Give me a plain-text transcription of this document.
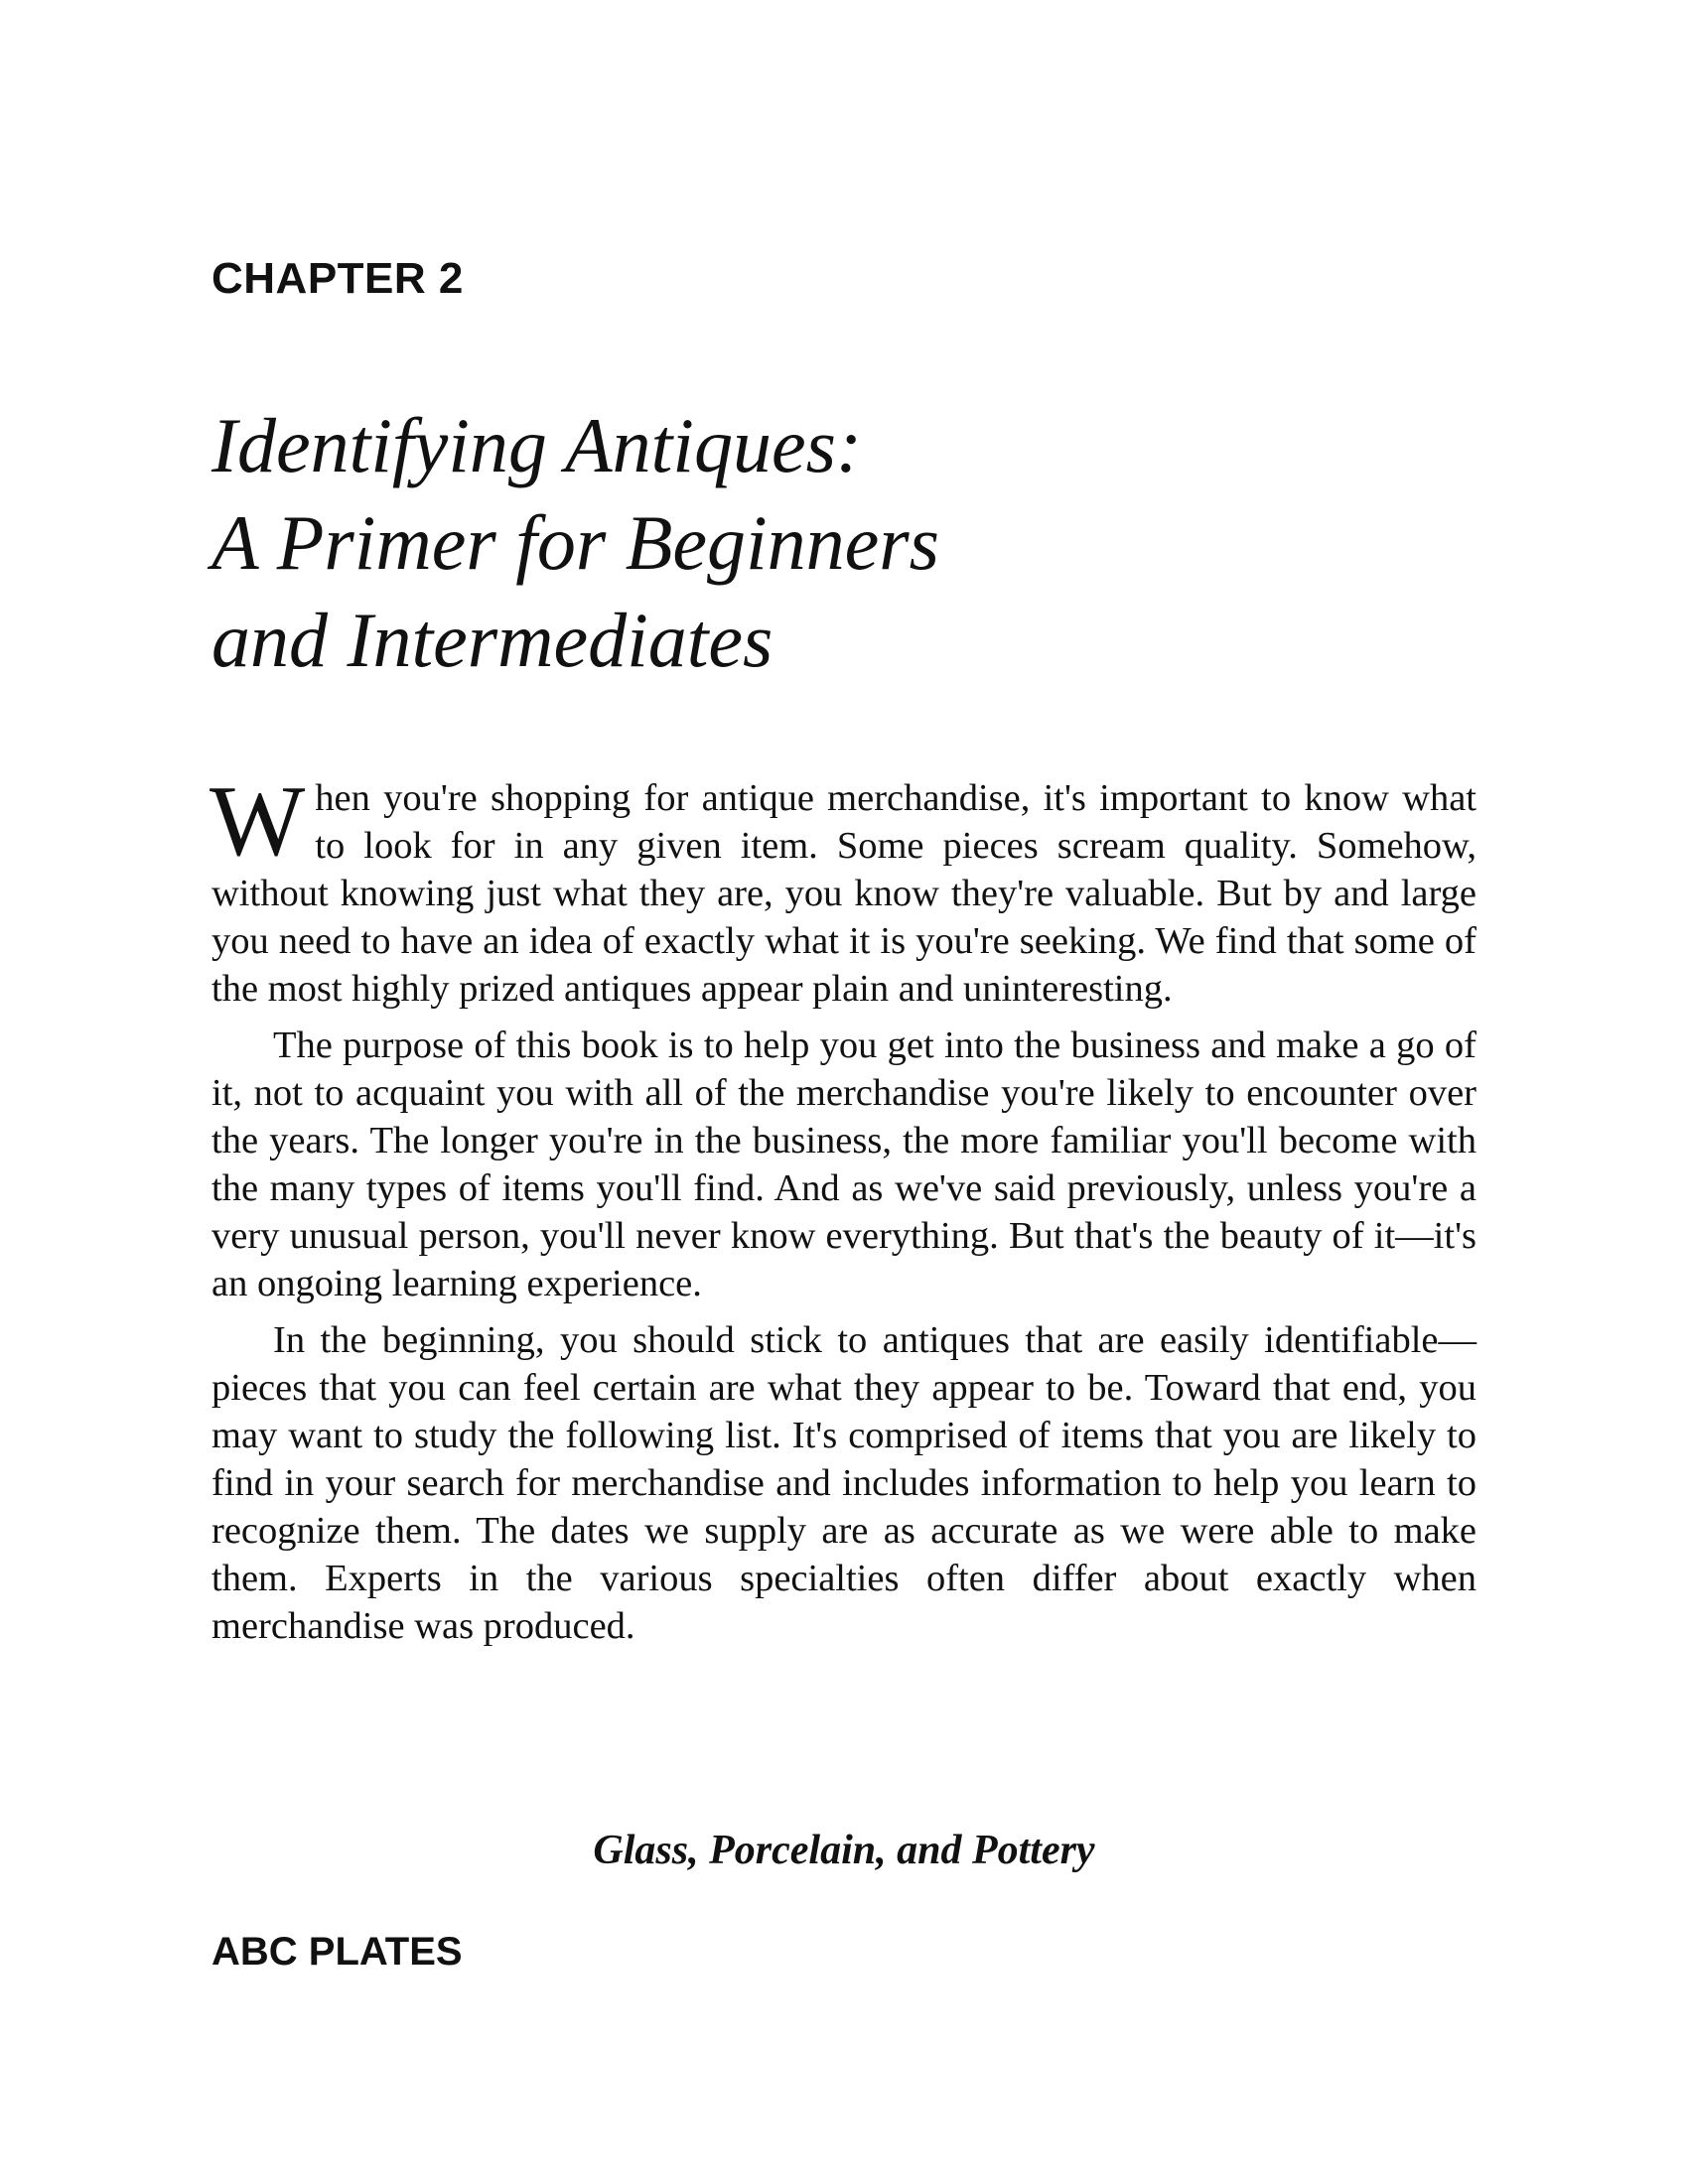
CHAPTER 2
Identifying Antiques:
A Primer for Beginners
and Intermediates

When you're shopping for antique merchandise, it's important to know what to look for in any given item. Some pieces scream quality. Somehow, without knowing just what they are, you know they're valuable. But by and large you need to have an idea of exactly what it is you're seeking. We find that some of the most highly prized antiques appear plain and uninteresting.

The purpose of this book is to help you get into the business and make a go of it, not to acquaint you with all of the merchandise you're likely to encounter over the years. The longer you're in the business, the more familiar you'll become with the many types of items you'll find. And as we've said previously, unless you're a very unusual person, you'll never know everything. But that's the beauty of it—it's an ongoing learning experience.

In the beginning, you should stick to antiques that are easily identifiable—pieces that you can feel certain are what they appear to be. Toward that end, you may want to study the following list. It's comprised of items that you are likely to find in your search for merchandise and includes information to help you learn to recognize them. The dates we supply are as accurate as we were able to make them. Experts in the various specialties often differ about exactly when merchandise was produced.

Glass, Porcelain, and Pottery
ABC PLATES
